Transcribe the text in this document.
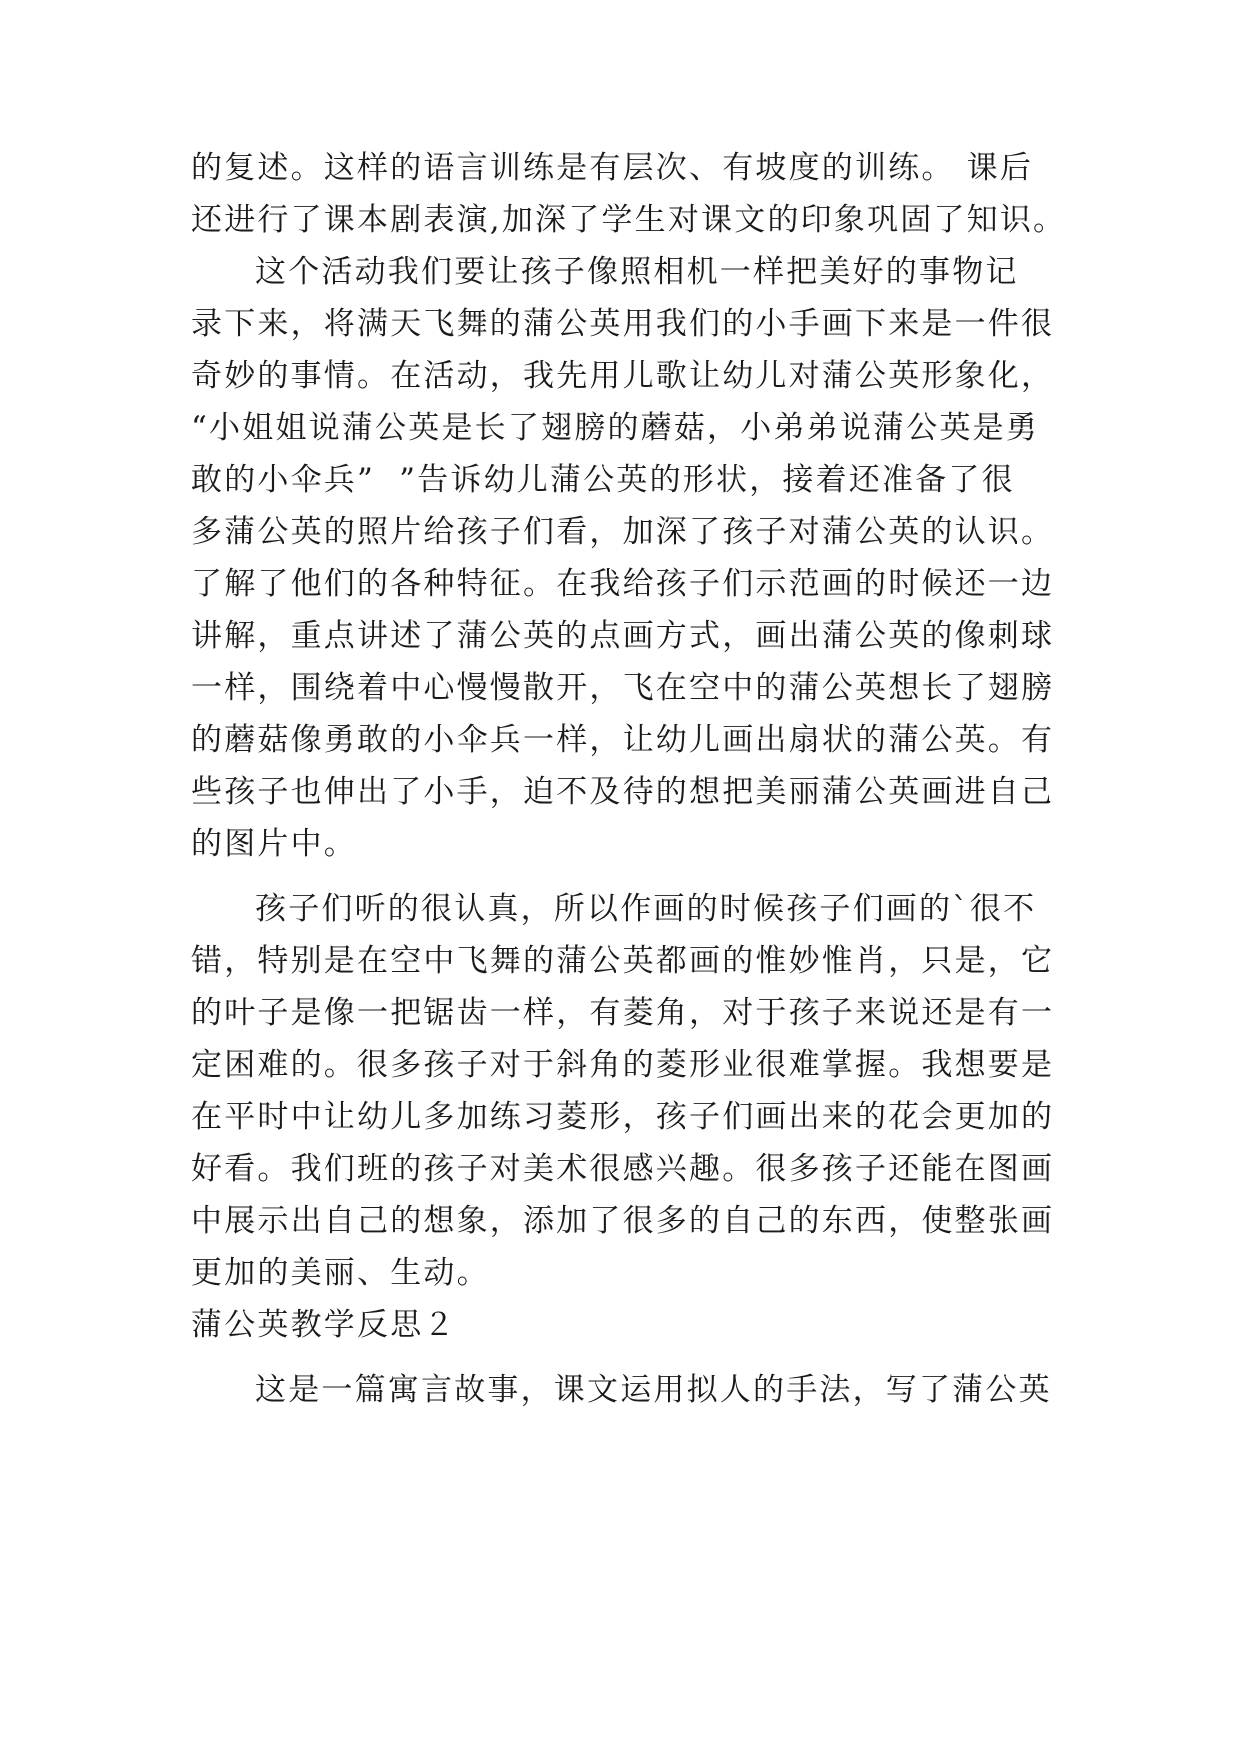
的复述。这样的语言训练是有层次、有坡度的训练。 课后
还进行了课本剧表演,加深了学生对课文的印象巩固了知识。
这个活动我们要让孩子像照相机一样把美好的事物记
录下来，将满天飞舞的蒲公英用我们的小手画下来是一件很
奇妙的事情。在活动，我先用儿歌让幼儿对蒲公英形象化，
“小姐姐说蒲公英是长了翅膀的蘑菇，小弟弟说蒲公英是勇
敢的小伞兵”  ”告诉幼儿蒲公英的形状，接着还准备了很
多蒲公英的照片给孩子们看，加深了孩子对蒲公英的认识。
了解了他们的各种特征。在我给孩子们示范画的时候还一边
讲解，重点讲述了蒲公英的点画方式，画出蒲公英的像刺球
一样，围绕着中心慢慢散开，飞在空中的蒲公英想长了翅膀
的蘑菇像勇敢的小伞兵一样，让幼儿画出扇状的蒲公英。有
些孩子也伸出了小手，迫不及待的想把美丽蒲公英画进自己
的图片中。
孩子们听的很认真，所以作画的时候孩子们画的`很不
错，特别是在空中飞舞的蒲公英都画的惟妙惟肖，只是，它
的叶子是像一把锯齿一样，有菱角，对于孩子来说还是有一
定困难的。很多孩子对于斜角的菱形业很难掌握。我想要是
在平时中让幼儿多加练习菱形，孩子们画出来的花会更加的
好看。我们班的孩子对美术很感兴趣。很多孩子还能在图画
中展示出自己的想象，添加了很多的自己的东西，使整张画
更加的美丽、生动。
蒲公英教学反思２
这是一篇寓言故事，课文运用拟人的手法，写了蒲公英
